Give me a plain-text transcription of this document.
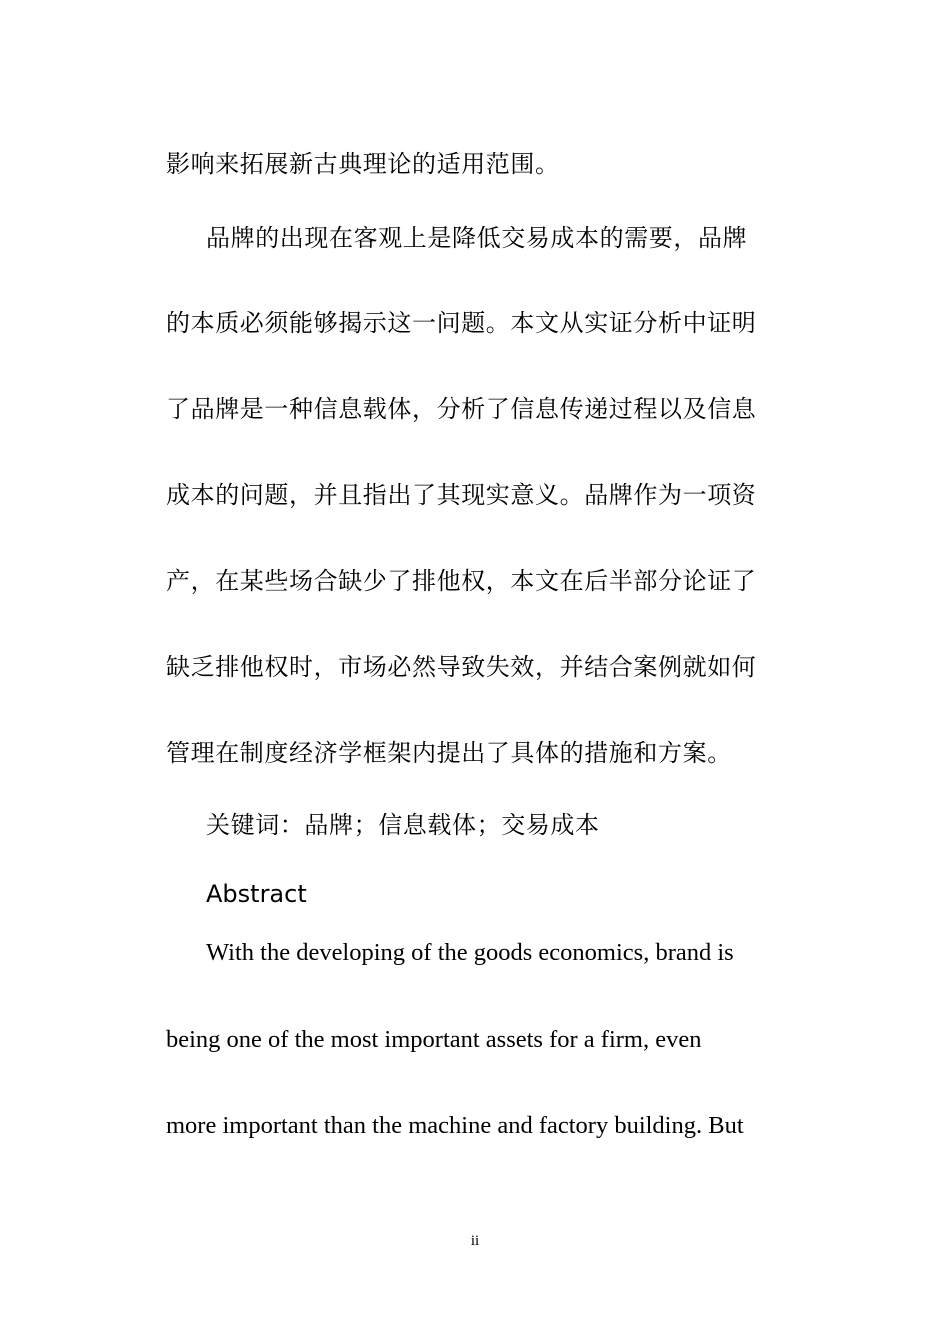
影响来拓展新古典理论的适用范围。
品牌的出现在客观上是降低交易成本的需要，品牌
的本质必须能够揭示这一问题。本文从实证分析中证明
了品牌是一种信息载体，分析了信息传递过程以及信息
成本的问题，并且指出了其现实意义。品牌作为一项资
产，在某些场合缺少了排他权，本文在后半部分论证了
缺乏排他权时，市场必然导致失效，并结合案例就如何
管理在制度经济学框架内提出了具体的措施和方案。
关键词：品牌；信息载体；交易成本
Abstract
With the developing of the goods economics, brand is
being one of the most important assets for a firm, even
more important than the machine and factory building. But
ii
